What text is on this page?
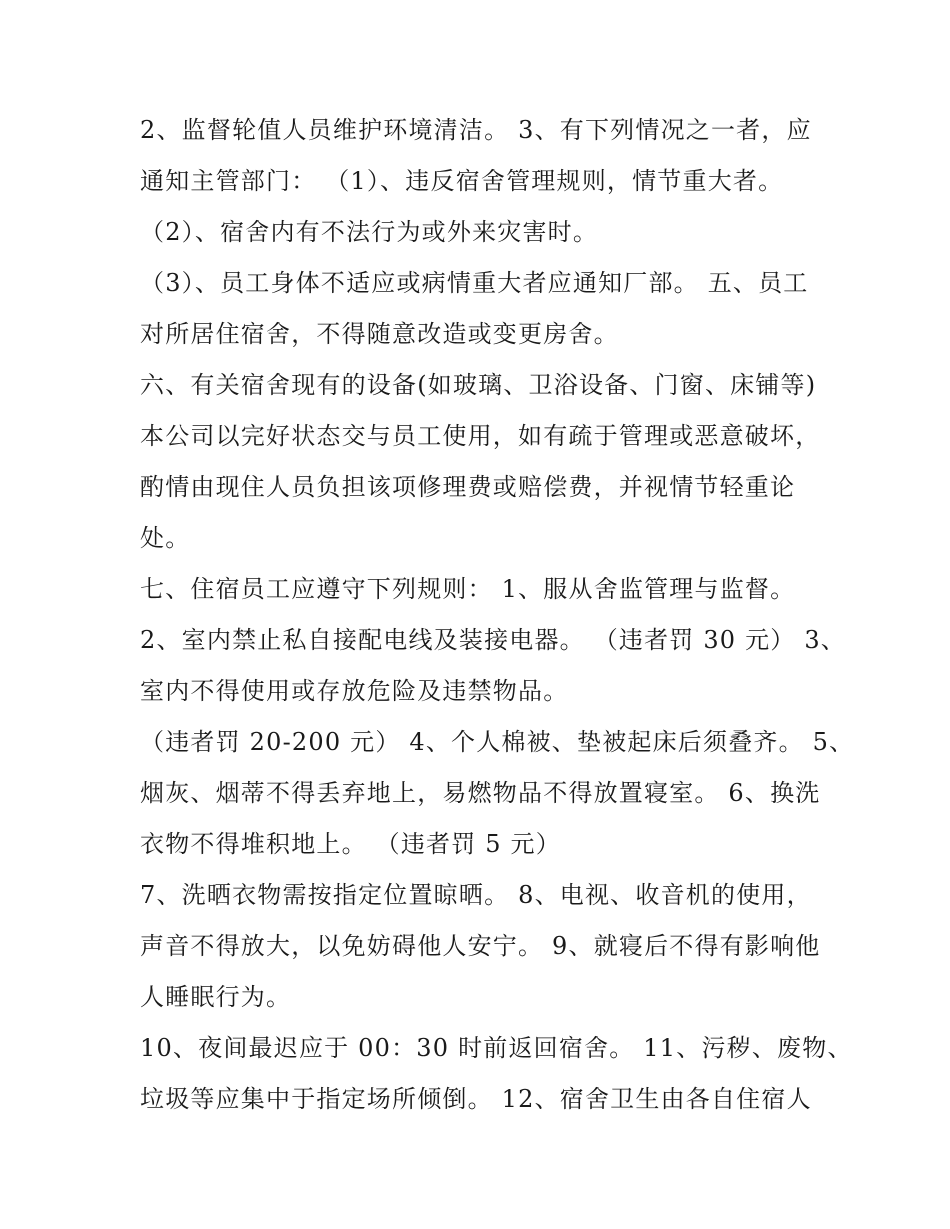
2、监督轮值人员维护环境清洁。 3、有下列情况之一者，应
通知主管部门： （1）、违反宿舍管理规则，情节重大者。
（2）、宿舍内有不法行为或外来灾害时。
（3）、员工身体不适应或病情重大者应通知厂部。 五、员工
对所居住宿舍，不得随意改造或变更房舍。
六、有关宿舍现有的设备(如玻璃、卫浴设备、门窗、床铺等)
本公司以完好状态交与员工使用，如有疏于管理或恶意破坏，
酌情由现住人员负担该项修理费或赔偿费，并视情节轻重论
处。
七、住宿员工应遵守下列规则： 1、服从舍监管理与监督。
2、室内禁止私自接配电线及装接电器。 （违者罚 30 元） 3、
室内不得使用或存放危险及违禁物品。
（违者罚 20-200 元） 4、个人棉被、垫被起床后须叠齐。 5、
烟灰、烟蒂不得丢弃地上，易燃物品不得放置寝室。 6、换洗
衣物不得堆积地上。 （违者罚 5 元）
7、洗晒衣物需按指定位置晾晒。 8、电视、收音机的使用，
声音不得放大，以免妨碍他人安宁。 9、就寝后不得有影响他
人睡眠行为。
10、夜间最迟应于 00：30 时前返回宿舍。 11、污秽、废物、
垃圾等应集中于指定场所倾倒。 12、宿舍卫生由各自住宿人
